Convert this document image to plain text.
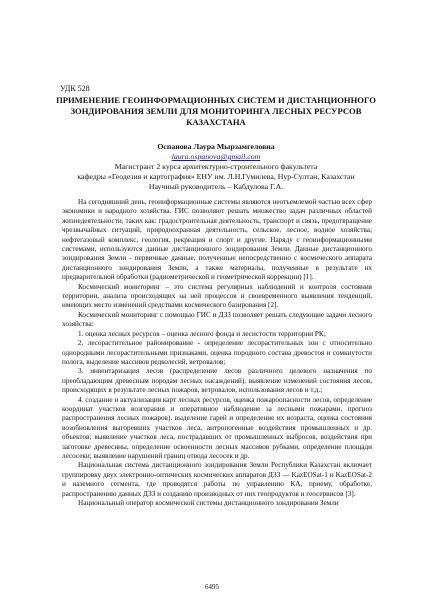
УДК 528
ПРИМЕНЕНИЕ ГЕОИНФОРМАЦИОННЫХ СИСТЕМ И ДИСТАНЦИОННОГО ЗОНДИРОВАНИЯ ЗЕМЛИ ДЛЯ МОНИТОРИНГА ЛЕСНЫХ РЕСУРСОВ КАЗАХСТАНА
Оспанова Лаура Мырзамгеловна
laura.ospanova@gmail.com
Магистрант 2 курса архитектурно-строительного факультета
кафедры «Геодезия и картография» ЕНУ им. Л.Н.Гумилева, Нур-Султан, Казахстан
Научный руководитель – Кабдулова Г.А.

На сегодняшний день, геоинформационные системы являются неотъемлемой частью всех сфер экономики и народного хозяйства. ГИС позволяют решать множество задач различных областей жизнедеятельности, таких как: градостроительная деятельность, транспорт и связь, предотвращение чрезвычайных ситуаций, природоохранная деятельность, сельское, лесное, водное хозяйства; нефтегазовый комплекс, геология, рекреация и спорт и другие. Наряду с геоинформационными системами, используются данные дистанционного зондирования Земли. Данные дистанционного зондирования Земли - первичные данные, полученные непосредственно с космического аппарата дистанционного зондирования Земли, а также материалы, полученные в результате их предварительной обработки (радиометрической и геометрической коррекции) [1].

Космический мониторинг – это система регулярных наблюдений и контроля состояния территории, анализа происходящих на ней процессов и своевременного выявления тенденций, имеющих место изменений средствами космического базирования [2].

Космический мониторинг с помощью ГИС и ДЗЗ позволяет решать следующие задачи лесного хозяйства:

1. оценка лесных ресурсов – оценка лесного фонда и лесистости территории РК;

2. лесорастительное районирование - определение лесорастительных зон с относительно однородными лесорастительными признаками, оценка породного состава древостоя и сомкнутости полога, выделение массивов редколесий, ветровалов;

3. инвентаризация лесов (распределение лесов различного целевого назначения по преобладающим древесным породам лесных насаждений), выявление изменений состояния лесов, происходящих в результате лесных пожаров, ветровалов, использования лесов и т.д.;

4. создание и актуализация карт лесных ресурсов, оценка пожароопасности лесов, определение координат участков возгорания и оперативное наблюдение за лесными пожарами, прогноз распространения лесных пожаров), выделение гарей и определение их возраста, оценка состояния возобновления выгоревших участков леса, антропогенные воздействия промышленных и др. объектов; выявление участков леса, пострадавших от промышленных выбросов, воздействия при заготовке древесины, определение освоенности лесных массивов рубками, определение площади лесосеки; выявление нарушений границ отвода лесосек и др.

Национальная система дистанционного зондирования Земли Республики Казахстан включает группировку двух электронно-оптических космических аппаратов ДЗЗ — KazEOSat-1 и KazEOSat-2 и наземного сегмента, где проводятся работы по управлению КА, приему, обработке, распространению данных ДЗЗ и созданию производных от них геопродуктов и геосервисов [3].

Национальный оператор космической системы дистанционного зондирования Земли

6495
